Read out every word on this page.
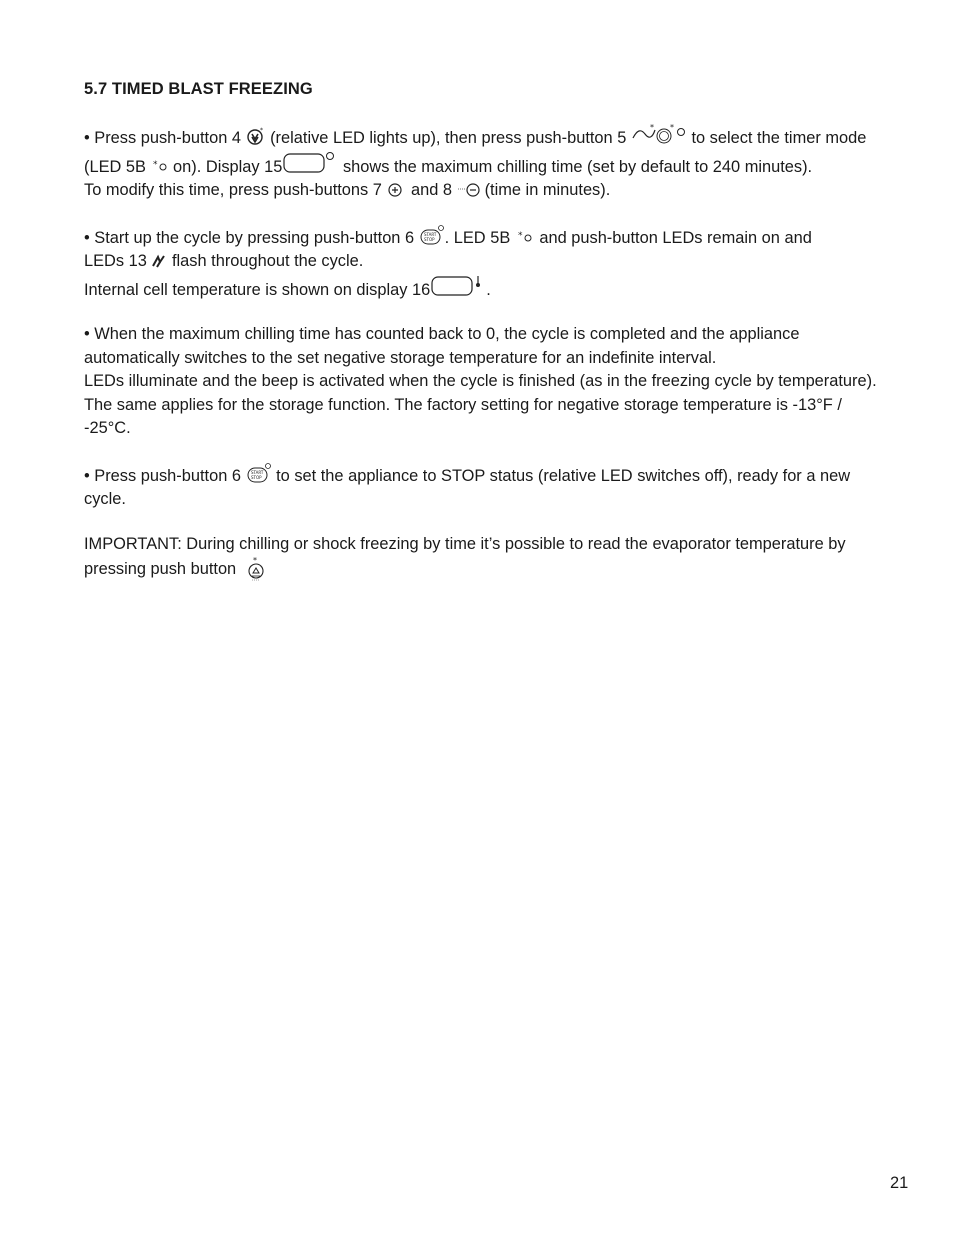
5.7 TIMED BLAST FREEZING
• Press push-button 4 * (relative LED lights up), then press push-button 5
* *
to select the timer mode
(LED 5B * on). Display 15	shows the maximum chilling time (set by default to 240 minutes).
To modify this time, press push-buttons 7
and 8
(time in minutes).
• Start up the cycle by pressing push-button 6 START
STOP . LED 5B * and push-button LEDs remain on and
LEDs 13
flash throughout the cycle.
Internal cell temperature is shown on display 16	.
• When the maximum chilling time has counted back to 0, the cycle is completed and the appliance
automatically switches to the set negative storage temperature for an indefinite interval.
LEDs illuminate and the beep is activated when the cycle is finished (as in the freezing cycle by temperature).
The same applies for the storage function. The factory setting for negative storage temperature is -13°F /
-25°C.
• Press push-button 6 START
STOP to set the appliance to STOP status (relative LED switches off), ready for a new
cycle.
IMPORTANT: During chilling or shock freezing by time it’s possible to read the evaporator temperature by
pressing push button *
21
